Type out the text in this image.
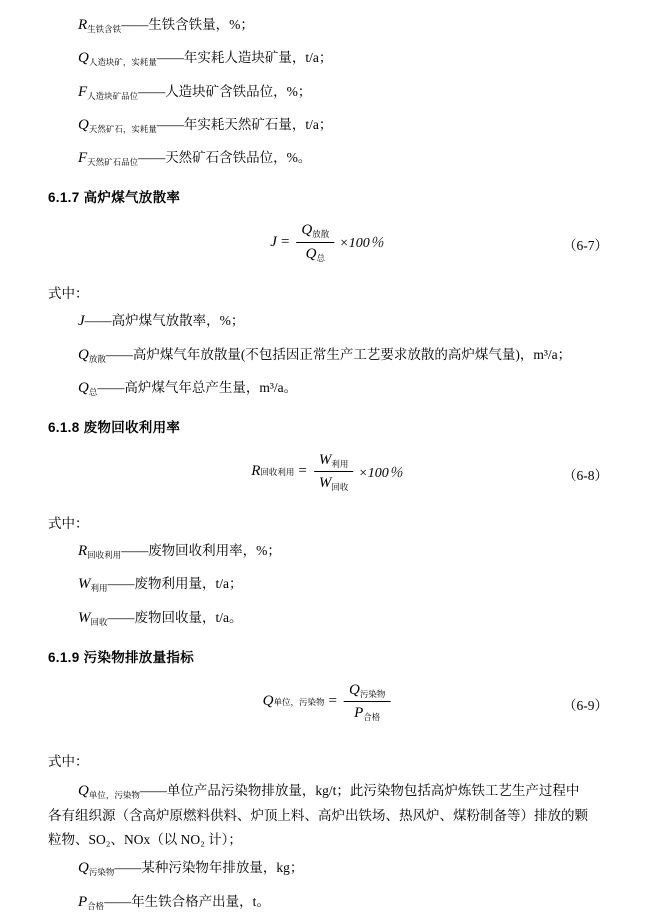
$R_{生铁含铁}——$生铁含铁量，%；

$Q_{人造块矿,实耗量}——$年实耗人造块矿量，t/a；

$F_{人造块矿品位}——$人造块矿含铁品位，%；

$Q_{天然矿石,实耗量}——$年实耗天然矿石量，t/a；

$F_{天然矿石品位}——$天然矿石含铁品位，%。

6.1.7 高炉煤气放散率
$J = \frac{Q_{放散}}{Q_总} \times 100$％	（6-7）

式中：

J——高炉煤气放散率，%；

$Q_{放散}——$高炉煤气年放散量(不包括因正常生产工艺要求放散的高炉煤气量)，m³/a；

$Q_总——$高炉煤气年总产生量，m³/a。

6.1.8 废物回收利用率
R 回收利用 = $\frac{W_{利用}}{W_{回收}} \times 100$％	（6-8）

式中：

$R_{回收利用}——$废物回收利用率，%；

$W_{利用}——$废物利用量，t/a；

$W_{回收}——$废物回收量，t/a。

6.1.9 污染物排放量指标
Q 单位，污染物 = $\frac{Q_{污染物}}{P_{合格}}$	（6-9）

式中：

$Q_{单位,污染物}——$单位产品污染物排放量，kg/t；此污染物包括高炉炼铁工艺生产过程中

各有组织源（含高炉原燃料供料、炉顶上料、高炉出铁场、热风炉、煤粉制备等）排放的颗
粒物、SO₂、NOx（以 NO₂ 计）；

$Q_{污染物}——$某种污染物年排放量，kg；

$P_{合格}——$年生铁合格产出量，t。
